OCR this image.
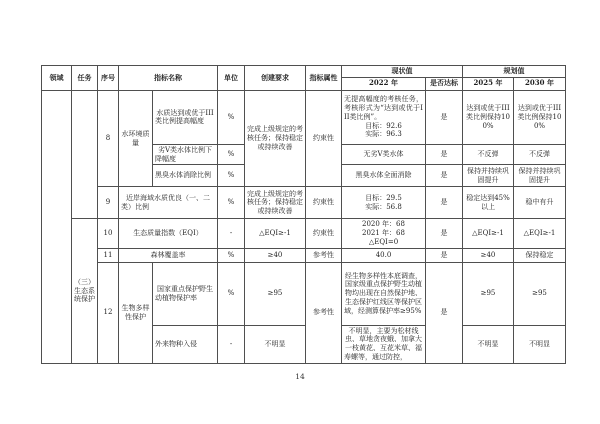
领域	任务	序号	指标名称		单位	创建要求	指标属性	现状值		规划值	
								2022 年	是否达标	2025 年	2030 年
		8	水环境质量	水质达到或优于III类比例提高幅度	%	完成上级规定的考核任务；保持稳定或持续改善	约束性	无提高幅度的考核任务，考核形式为“达到或优于III类比例”。
目标：92.6
实际：96.3	是	达到或优于III类比例保持100%	达到或优于III类比例保持100%
				劣V类水体比例下降幅度	%			无劣V类水体	是	不反弹	不反弹
				黑臭水体消除比例	%			黑臭水体全面消除	是	保持并持续巩固提升	保持并持续巩固提升
		9	近岸海域水质优良（一、二类）比例		%	完成上级规定的考核任务；保持稳定或持续改善	约束性	目标：29.5
实际：56.8	是	稳定达到45%以上	稳中有升
	（三）生态系统保护	10	生态质量指数（EQI）		-	△EQI≥-1	约束性	2020 年：68
2021 年：68
△EQI=0	是	△EQI≥-1	△EQI≥-1
		11	森林覆盖率		%	≥40	参考性	40.0	是	≥40	保持稳定
		12	生物多样性保护	国家重点保护野生动植物保护率	%	≥95	参考性	经生物多样性本底调查，国家级重点保护野生动植物均出现在自然保护地、生态保护红线区等保护区域，经测算保护率≥95%	是	≥95	≥95
				外来物种入侵	-	不明显		不明显，主要为松材线虫、草地贪夜蛾、加拿大一枝黄花、互花米草、福寿螺等，通过防控，		不明显	不明显
14
